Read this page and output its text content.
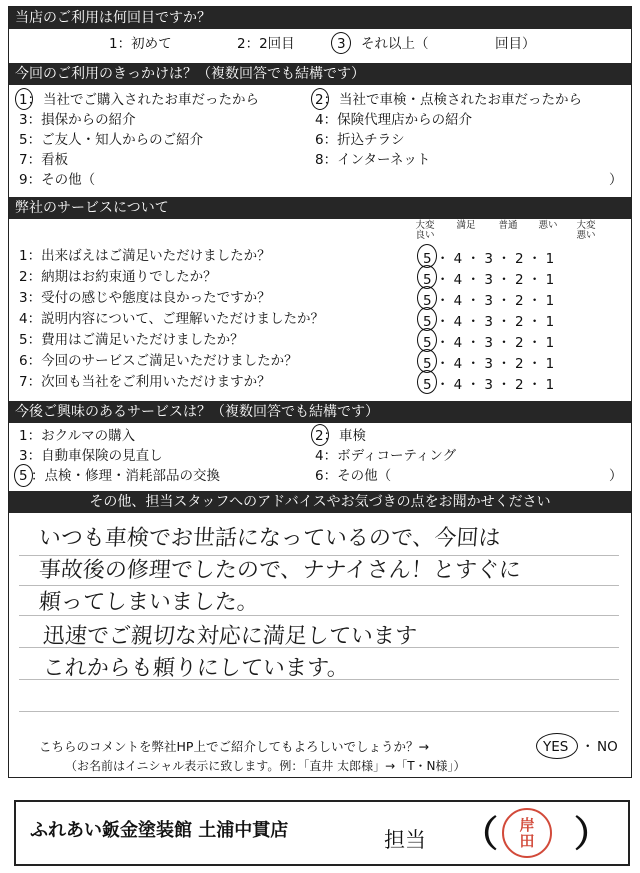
当店のご利用は何回目ですか？
1：初めて	2：2回目	3 それ以上（	回目）
今回のご利用のきっかけは？（複数回答でも結構です）
1： 当社でご購入されたお車だったから	2： 当社で車検・点検されたお車だったから
3：損保からの紹介	4：保険代理店からの紹介
5：ご友人・知人からのご紹介	6：折込チラシ
7：看板	8：インターネット
9：その他（	）
弊社のサービスについて
大変良い
満足	普通	悪い	大変悪い
1：出来ばえはご満足いただけましたか？	5 ・ 4 ・ 3 ・ 2 ・ 1
2：納期はお約束通りでしたか？	5 ・ 4 ・ 3 ・ 2 ・ 1
3：受付の感じや態度は良かったですか？	5 ・ 4 ・ 3 ・ 2 ・ 1
4：説明内容について、ご理解いただけましたか？	5 ・ 4 ・ 3 ・ 2 ・ 1
5：費用はご満足いただけましたか？	5 ・ 4 ・ 3 ・ 2 ・ 1
6：今回のサービスご満足いただけましたか？	5 ・ 4 ・ 3 ・ 2 ・ 1
7：次回も当社をご利用いただけますか？	5 ・ 4 ・ 3 ・ 2 ・ 1
今後ご興味のあるサービスは？（複数回答でも結構です）
1：おクルマの購入	2： 車検
3：自動車保険の見直し	4：ボディコーティング
5 ：点検・修理・消耗部品の交換	6：その他（	）
その他、担当スタッフへのアドバイスやお気づきの点をお聞かせください
いつも車検でお世話になっているので、今回は
事故後の修理でしたので、ナナイさん！とすぐに
頼ってしまいました。
迅速でご親切な対応に満足しています
これからも頼りにしています。
こちらのコメントを弊社HP上でご紹介してもよろしいでしょうか？→	YES ・ NO
（お名前はイニシャル表示に致します。例：「直井 太郎様」→「T・N様」）
ふれあい鈑金塗装館 土浦中貫店	担当 （	岸
田	）
